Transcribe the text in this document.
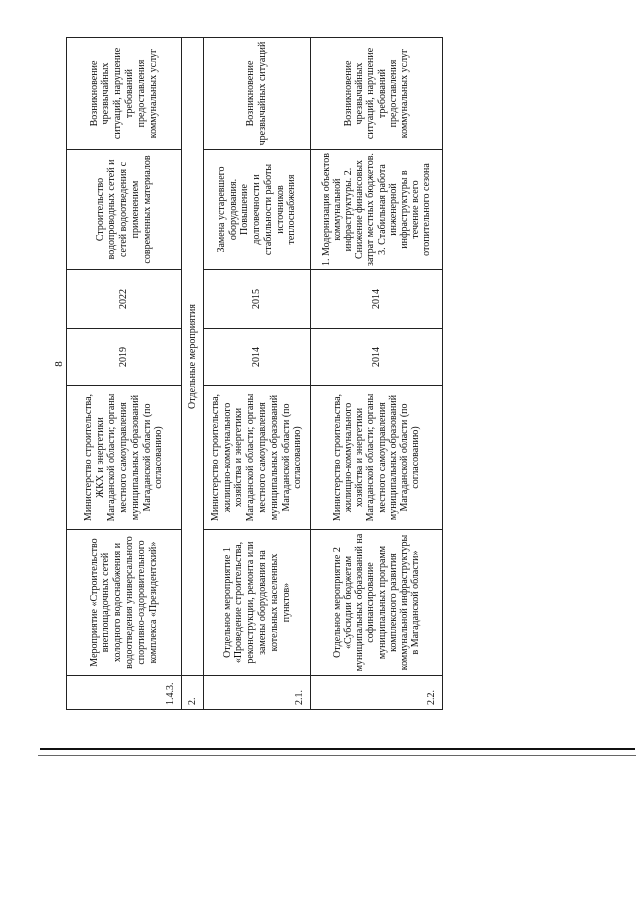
8
1.4.3.	Мероприятие «Строительство внеплощадочных сетей холодного водоснабжения и водоотведения универсального спортивно-оздоровительного комплекса «Президентский»	Министерство строительства, ЖКХ и энергетики Магаданской области; органы местного самоуправления муниципальных образований Магаданской области (по согласованию)	2019	2022	Строительство водопроводных сетей и сетей водоотведения с применением современных материалов	Возникновение чрезвычайных ситуаций, нарушение требований предоставления коммунальных услуг
2.	Отдельные мероприятия					
2.1.	Отдельное мероприятие 1 «Проведение строительства, реконструкции, ремонта или замены оборудования на котельных населенных пунктов»	Министерство строительства, жилищно-коммунального хозяйства и энергетики Магаданской области; органы местного самоуправления муниципальных образований Магаданской области (по согласованию)	2014	2015	Замена устаревшего оборудования. Повышение долговечности и стабильности работы источников теплоснабжения	Возникновение чрезвычайных ситуаций
2.2.	Отдельное мероприятие 2 «Субсидии бюджетам муниципальных образований на софинансирование муниципальных программ комплексного развития коммунальной инфраструктуры в Магаданской области»	Министерство строительства, жилищно-коммунального хозяйства и энергетики Магаданской области; органы местного самоуправления муниципальных образований Магаданской области (по согласованию)	2014	2014	1. Модернизация объектов коммунальной инфраструктуры. 2. Снижение финансовых затрат местных бюджетов. 3. Стабильная работа инженерной инфраструктуры в течение всего отопительного сезона	Возникновение чрезвычайных ситуаций, нарушение требований предоставления коммунальных услуг
